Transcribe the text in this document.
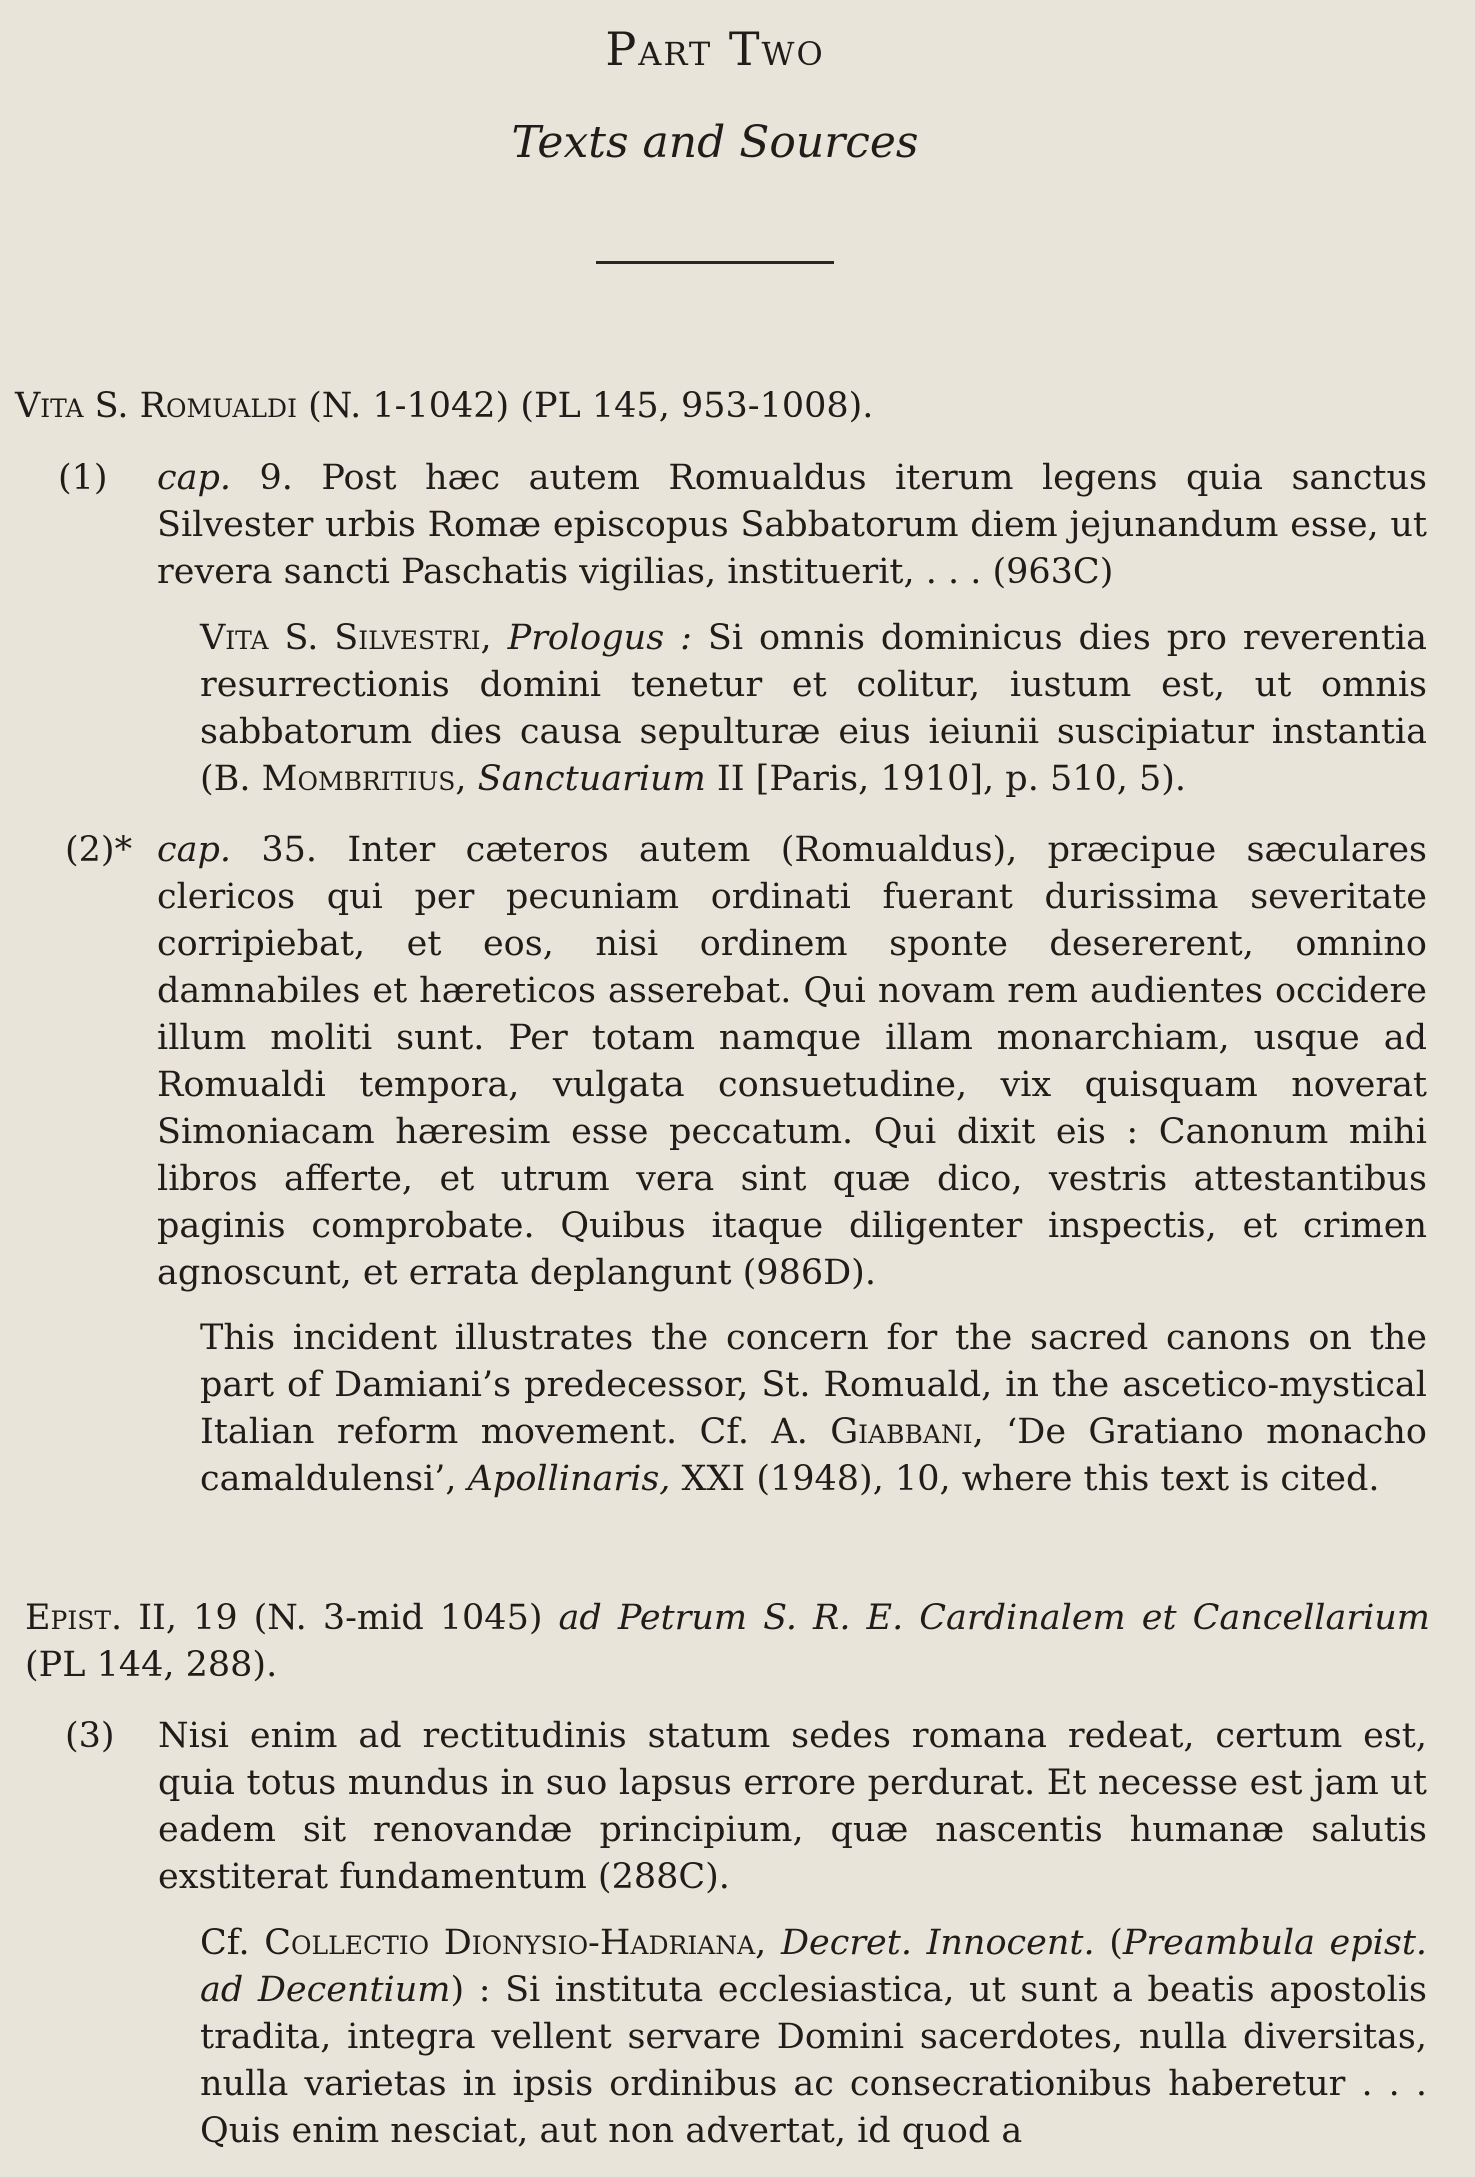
Part Two
Texts and Sources
Vita S. Romualdi (N. 1-1042) (PL 145, 953-1008).
(1) cap. 9. Post hæc autem Romualdus iterum legens quia sanctus Silvester urbis Romæ episcopus Sabbatorum diem jejunandum esse, ut revera sancti Paschatis vigilias, instituerit, . . . (963C)
Vita S. Silvestri, Prologus : Si omnis dominicus dies pro reverentia resurrectionis domini tenetur et colitur, iustum est, ut omnis sabbatorum dies causa sepulturæ eius ieiunii suscipiatur instantia (B. Mombritius, Sanctuarium II [Paris, 1910], p. 510, 5).
(2)* cap. 35. Inter cæteros autem (Romualdus), præcipue sæculares clericos qui per pecuniam ordinati fuerant durissima severitate corripiebat, et eos, nisi ordinem sponte desererent, omnino damnabiles et hæreticos asserebat. Qui novam rem audientes occidere illum moliti sunt. Per totam namque illam monarchiam, usque ad Romualdi tempora, vulgata consuetudine, vix quisquam noverat Simoniacam hæresim esse peccatum. Qui dixit eis : Canonum mihi libros afferte, et utrum vera sint quæ dico, vestris attestantibus paginis comprobate. Quibus itaque diligenter inspectis, et crimen agnoscunt, et errata deplangunt (986D).
This incident illustrates the concern for the sacred canons on the part of Damiani’s predecessor, St. Romuald, in the ascetico-mystical Italian reform movement. Cf. A. Giabbani, ‘De Gratiano monacho camaldulensi’, Apollinaris, XXI (1948), 10, where this text is cited.
Epist. II, 19 (N. 3-mid 1045) ad Petrum S. R. E. Cardinalem et Cancellarium (PL 144, 288).
(3) Nisi enim ad rectitudinis statum sedes romana redeat, certum est, quia totus mundus in suo lapsus errore perdurat. Et necesse est jam ut eadem sit renovandæ principium, quæ nascentis humanæ salutis exstiterat fundamentum (288C).
Cf. Collectio Dionysio-Hadriana, Decret. Innocent. (Preambula epist. ad Decentium) : Si instituta ecclesiastica, ut sunt a beatis apostolis tradita, integra vellent servare Domini sacerdotes, nulla diversitas, nulla varietas in ipsis ordinibus ac consecrationibus haberetur . . . Quis enim nesciat, aut non advertat, id quod a
